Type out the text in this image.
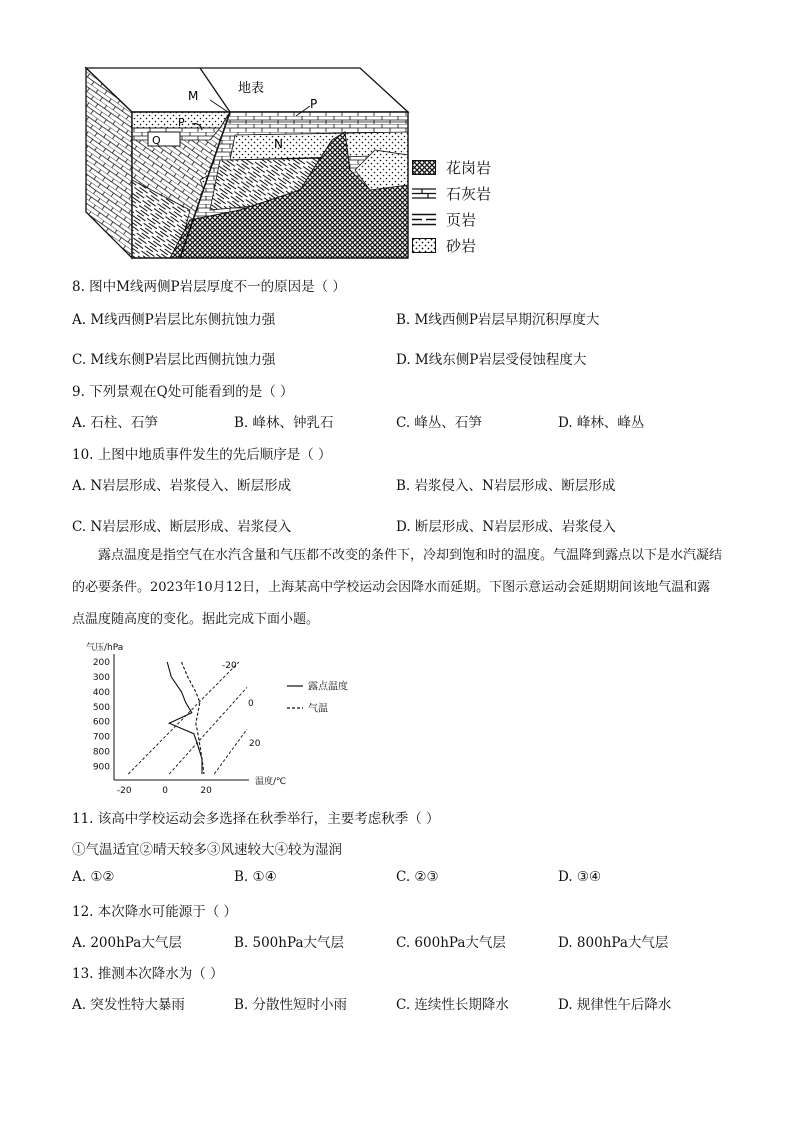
M	地表
P
P
Q	N
花岗岩
石灰岩
页岩
砂岩
8. 图中M线两侧P岩层厚度不一的原因是（ ）
A. M线西侧P岩层比东侧抗蚀力强	B. M线西侧P岩层早期沉积厚度大
C. M线东侧P岩层比西侧抗蚀力强	D. M线东侧P岩层受侵蚀程度大
9. 下列景观在Q处可能看到的是（ ）
A. 石柱、石笋	B. 峰林、钟乳石	C. 峰丛、石笋	D. 峰林、峰丛
10. 上图中地质事件发生的先后顺序是（ ）
A. N岩层形成、岩浆侵入、断层形成	B. 岩浆侵入、N岩层形成、断层形成
C. N岩层形成、断层形成、岩浆侵入	D. 断层形成、N岩层形成、岩浆侵入
露点温度是指空气在水汽含量和气压都不改变的条件下，冷却到饱和时的温度。气温降到露点以下是水汽凝结的必要条件。2023年10月12日，上海某高中学校运动会因降水而延期。下图示意运动会延期期间该地气温和露点温度随高度的变化。据此完成下面小题。
气压/hPa
温度/℃
200
300
400
500
600
700
800
900
-20	0	20
-20
0
20
露点温度
气温
11. 该高中学校运动会多选择在秋季举行，主要考虑秋季（ ）
①气温适宜②晴天较多③风速较大④较为湿润
A. ①②	B. ①④	C. ②③	D. ③④
12. 本次降水可能源于（ ）
A. 200hPa大气层	B. 500hPa大气层	C. 600hPa大气层	D. 800hPa大气层
13. 推测本次降水为（ ）
A. 突发性特大暴雨	B. 分散性短时小雨	C. 连续性长期降水	D. 规律性午后降水
